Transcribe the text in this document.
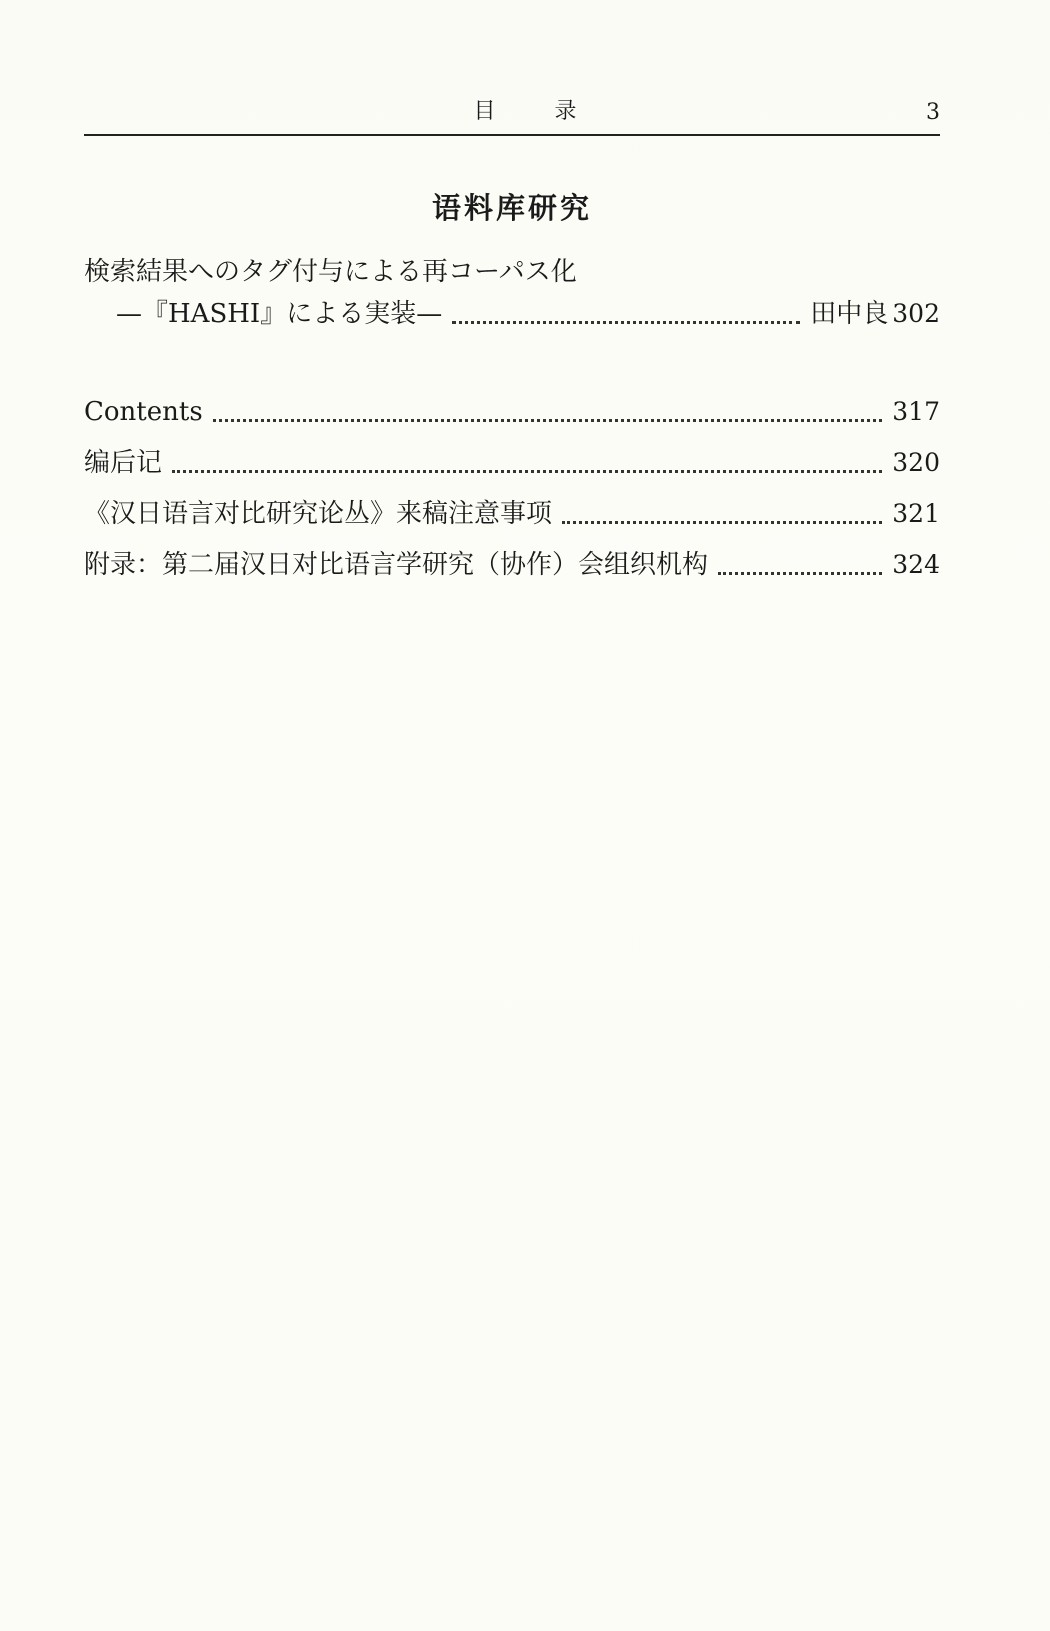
目 录	3
语料库研究
検索結果へのタグ付与による再コーパス化
—『HASHI』による実装—	田中良 302
Contents	317
编后记	320
《汉日语言对比研究论丛》来稿注意事项	321
附录：第二届汉日对比语言学研究（协作）会组织机构	324
